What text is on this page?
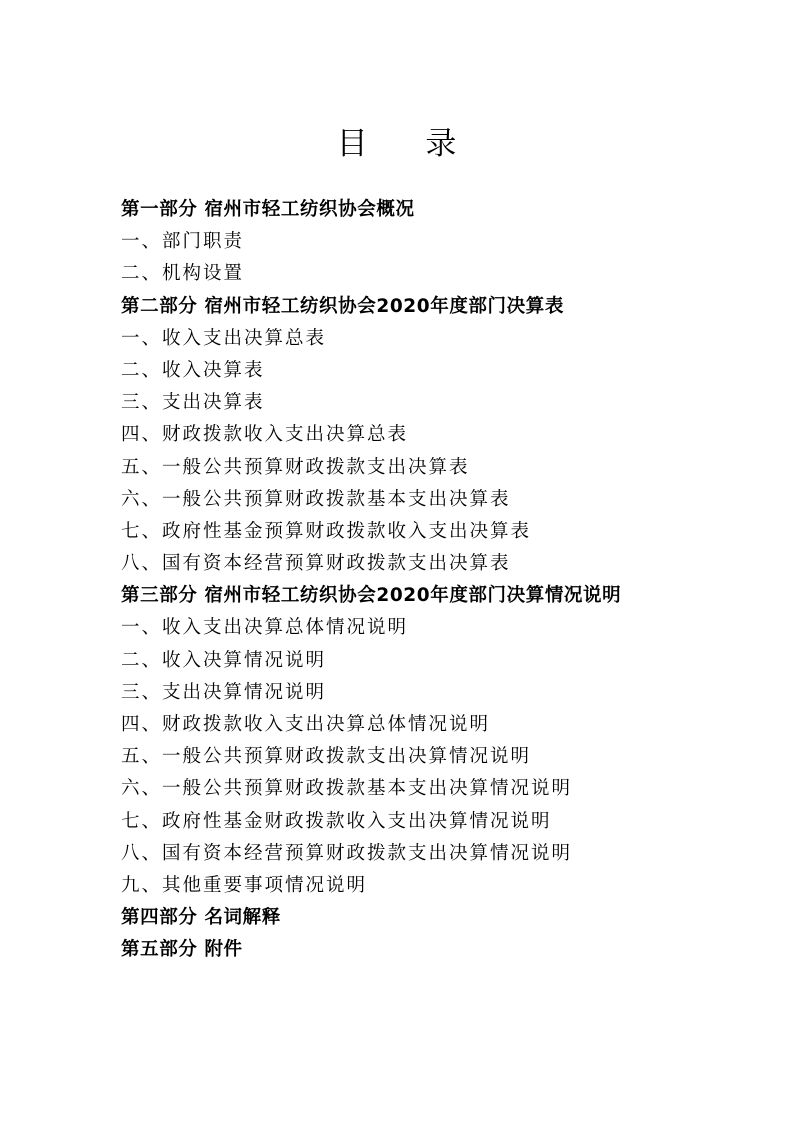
目 录
第一部分 宿州市轻工纺织协会概况
一、部门职责
二、机构设置
第二部分 宿州市轻工纺织协会2020年度部门决算表
一、收入支出决算总表
二、收入决算表
三、支出决算表
四、财政拨款收入支出决算总表
五、一般公共预算财政拨款支出决算表
六、一般公共预算财政拨款基本支出决算表
七、政府性基金预算财政拨款收入支出决算表
八、国有资本经营预算财政拨款支出决算表
第三部分 宿州市轻工纺织协会2020年度部门决算情况说明
一、收入支出决算总体情况说明
二、收入决算情况说明
三、支出决算情况说明
四、财政拨款收入支出决算总体情况说明
五、一般公共预算财政拨款支出决算情况说明
六、一般公共预算财政拨款基本支出决算情况说明
七、政府性基金财政拨款收入支出决算情况说明
八、国有资本经营预算财政拨款支出决算情况说明
九、其他重要事项情况说明
第四部分 名词解释
第五部分 附件
